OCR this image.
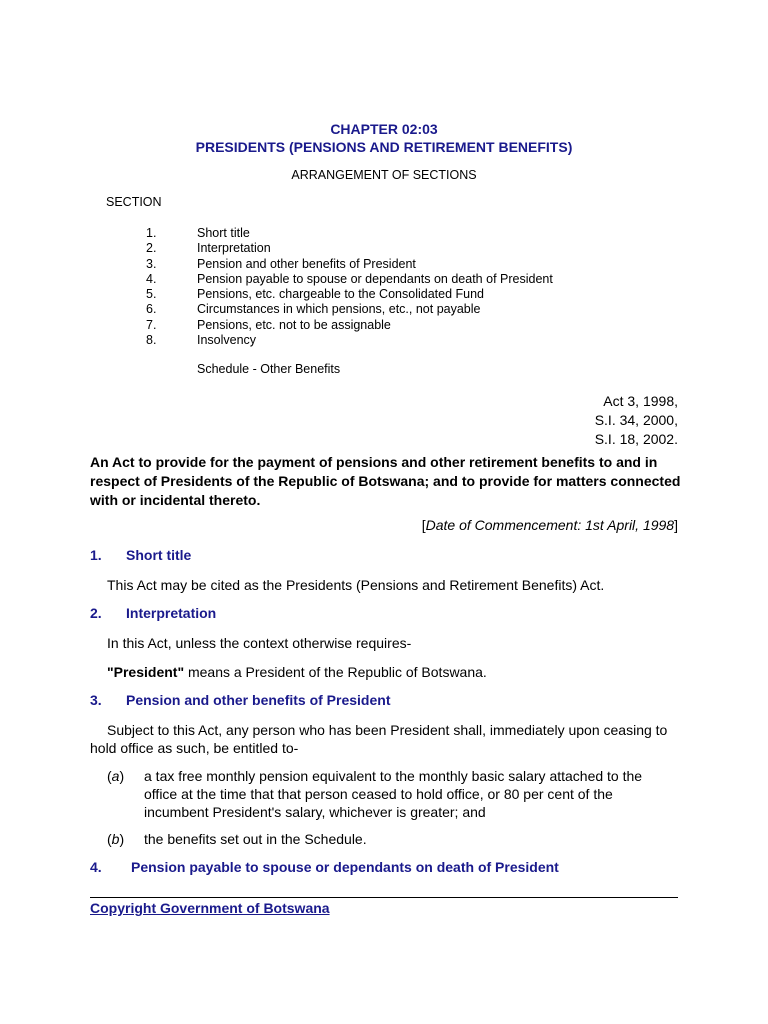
CHAPTER 02:03
PRESIDENTS (PENSIONS AND RETIREMENT BENEFITS)
ARRANGEMENT OF SECTIONS
SECTION
1.	Short title
2.	Interpretation
3.	Pension and other benefits of President
4.	Pension payable to spouse or dependants on death of President
5.	Pensions, etc. chargeable to the Consolidated Fund
6.	Circumstances in which pensions, etc., not payable
7.	Pensions, etc. not to be assignable
8.	Insolvency
Schedule - Other Benefits
Act 3, 1998,
S.I. 34, 2000,
S.I. 18, 2002.
An Act to provide for the payment of pensions and other retirement benefits to and in respect of Presidents of the Republic of Botswana; and to provide for matters connected with or incidental thereto.
[Date of Commencement: 1st April, 1998]
1.	Short title
This Act may be cited as the Presidents (Pensions and Retirement Benefits) Act.
2.	Interpretation
In this Act, unless the context otherwise requires-
"President" means a President of the Republic of Botswana.
3.	Pension and other benefits of President
Subject to this Act, any person who has been President shall, immediately upon ceasing to hold office as such, be entitled to-
(a)	a tax free monthly pension equivalent to the monthly basic salary attached to the office at the time that that person ceased to hold office, or 80 per cent of the incumbent President's salary, whichever is greater; and
(b)	the benefits set out in the Schedule.
4.	Pension payable to spouse or dependants on death of President
Copyright Government of Botswana
